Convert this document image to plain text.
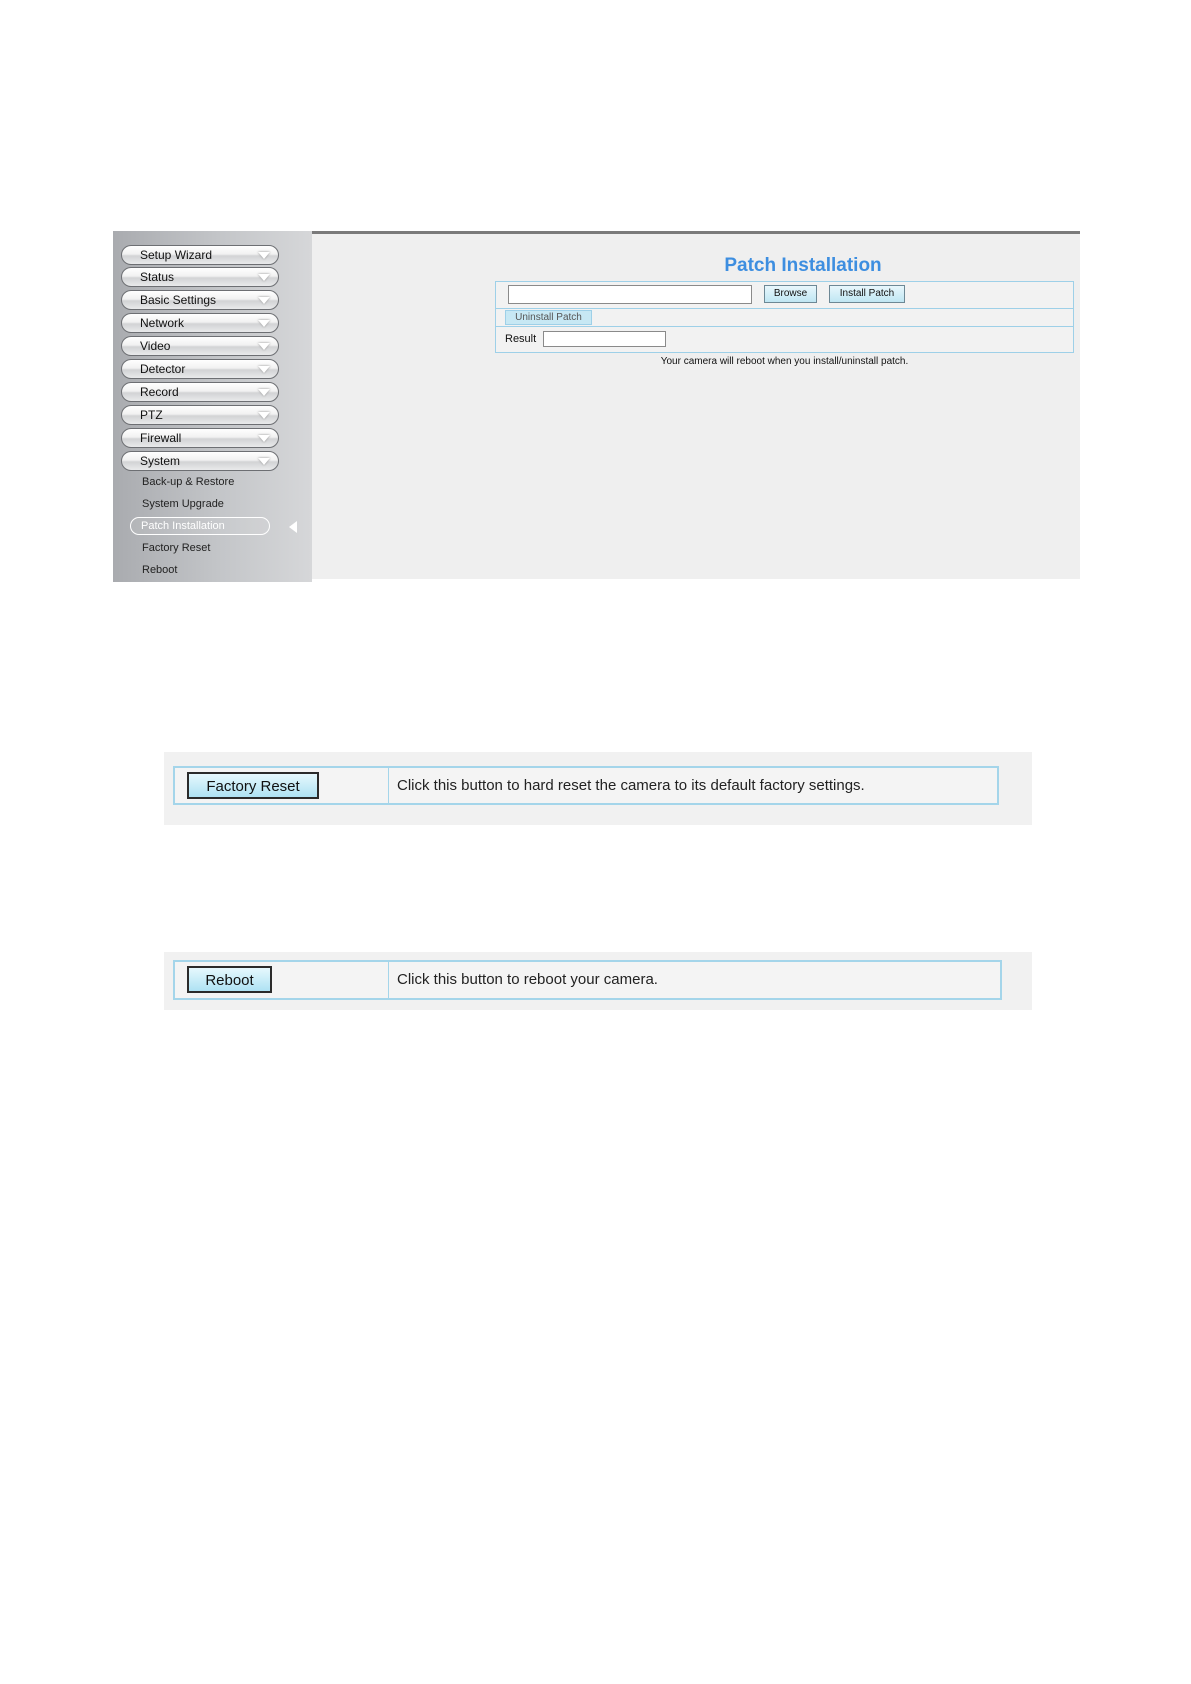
Setup Wizard
Status
Basic Settings
Network
Video
Detector
Record
PTZ
Firewall
System
Back-up & Restore
System Upgrade
Patch Installation
Factory Reset
Reboot
Patch Installation
Browse	Install Patch
Uninstall Patch
Result
Your camera will reboot when you install/uninstall patch.
Factory Reset	Click this button to hard reset the camera to its default factory settings.
Reboot	Click this button to reboot your camera.
